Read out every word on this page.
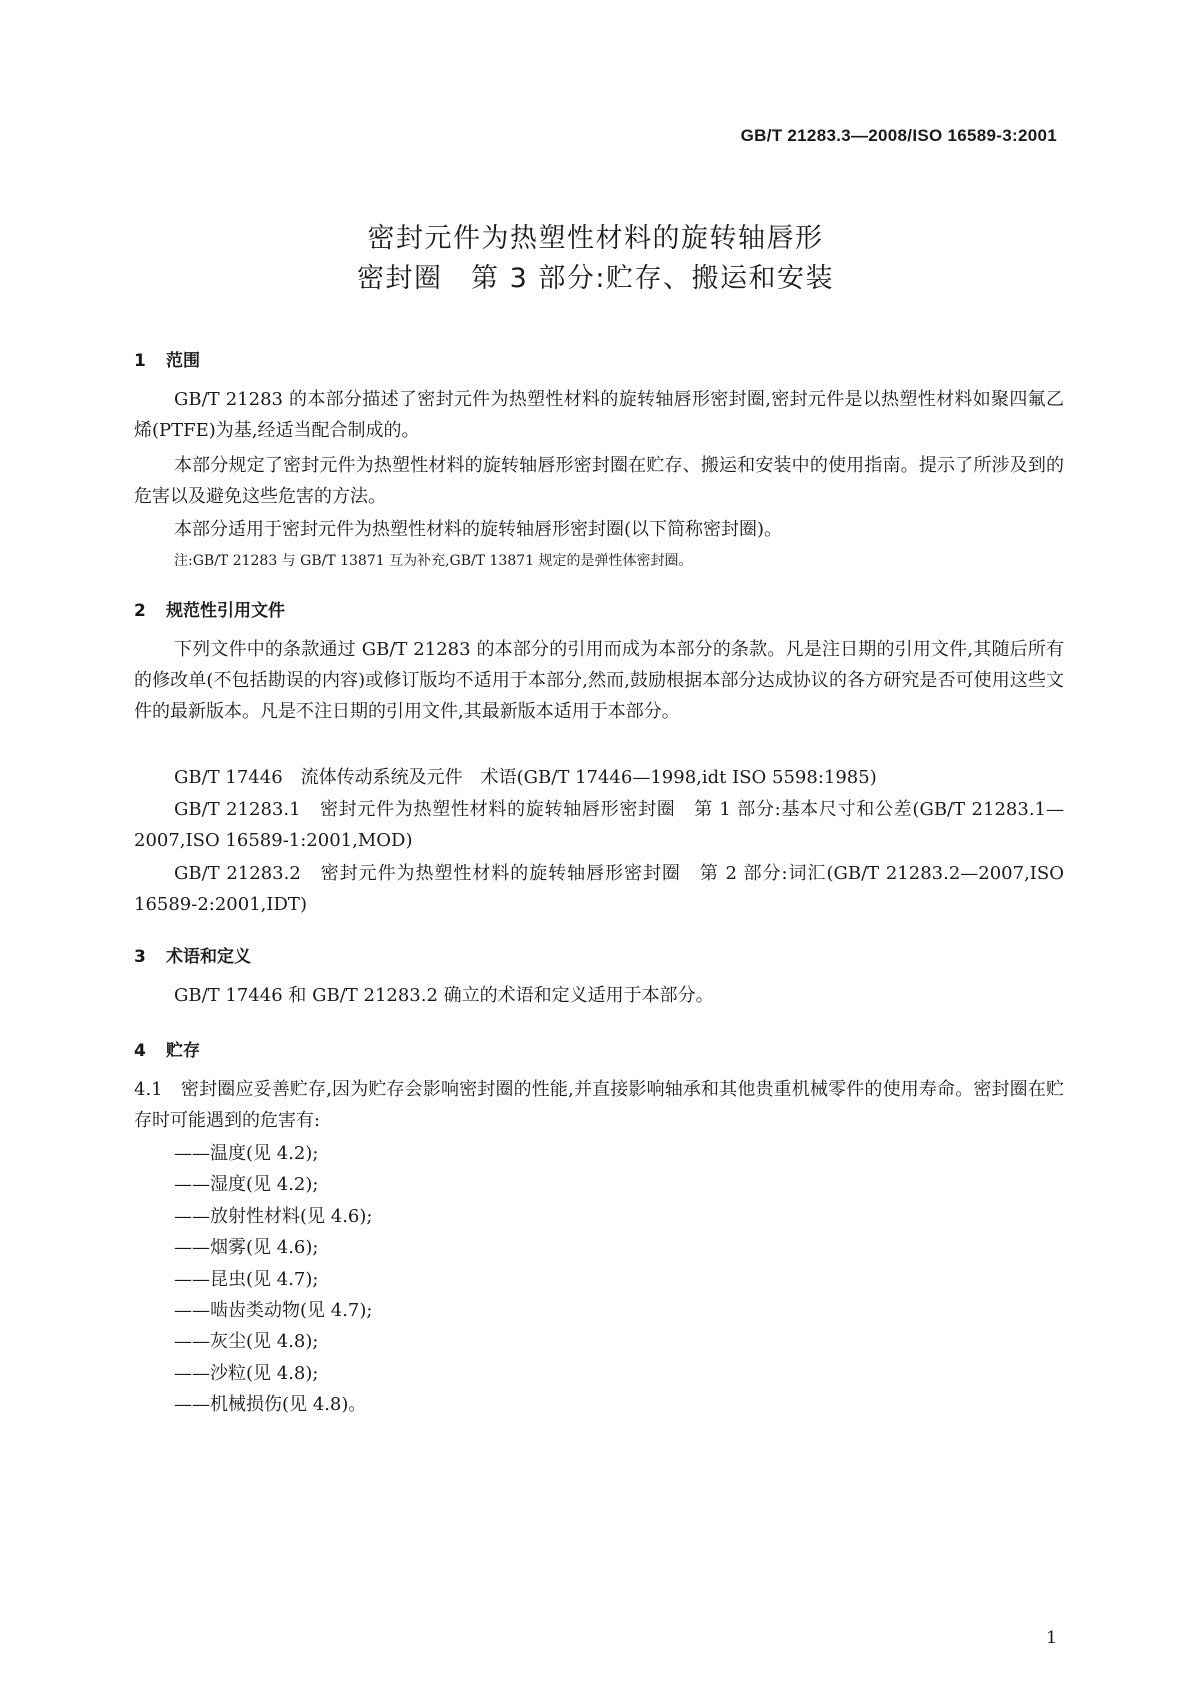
GB/T 21283.3—2008/ISO 16589-3:2001
密封元件为热塑性材料的旋转轴唇形
密封圈　第 3 部分:贮存、搬运和安装
1 范围
GB/T 21283 的本部分描述了密封元件为热塑性材料的旋转轴唇形密封圈,密封元件是以热塑性材料如聚四氟乙烯(PTFE)为基,经适当配合制成的。
本部分规定了密封元件为热塑性材料的旋转轴唇形密封圈在贮存、搬运和安装中的使用指南。提示了所涉及到的危害以及避免这些危害的方法。
本部分适用于密封元件为热塑性材料的旋转轴唇形密封圈(以下简称密封圈)。
注:GB/T 21283 与 GB/T 13871 互为补充,GB/T 13871 规定的是弹性体密封圈。
2 规范性引用文件
下列文件中的条款通过 GB/T 21283 的本部分的引用而成为本部分的条款。凡是注日期的引用文件,其随后所有的修改单(不包括勘误的内容)或修订版均不适用于本部分,然而,鼓励根据本部分达成协议的各方研究是否可使用这些文件的最新版本。凡是不注日期的引用文件,其最新版本适用于本部分。
GB/T 17446　流体传动系统及元件　术语(GB/T 17446—1998,idt ISO 5598:1985)
GB/T 21283.1　密封元件为热塑性材料的旋转轴唇形密封圈　第 1 部分:基本尺寸和公差(GB/T 21283.1—2007,ISO 16589-1:2001,MOD)
GB/T 21283.2　密封元件为热塑性材料的旋转轴唇形密封圈　第 2 部分:词汇(GB/T 21283.2—2007,ISO 16589-2:2001,IDT)
3 术语和定义
GB/T 17446 和 GB/T 21283.2 确立的术语和定义适用于本部分。
4 贮存
4.1　密封圈应妥善贮存,因为贮存会影响密封圈的性能,并直接影响轴承和其他贵重机械零件的使用寿命。密封圈在贮存时可能遇到的危害有:
——温度(见 4.2);
——湿度(见 4.2);
——放射性材料(见 4.6);
——烟雾(见 4.6);
——昆虫(见 4.7);
——啮齿类动物(见 4.7);
——灰尘(见 4.8);
——沙粒(见 4.8);
——机械损伤(见 4.8)。
1
